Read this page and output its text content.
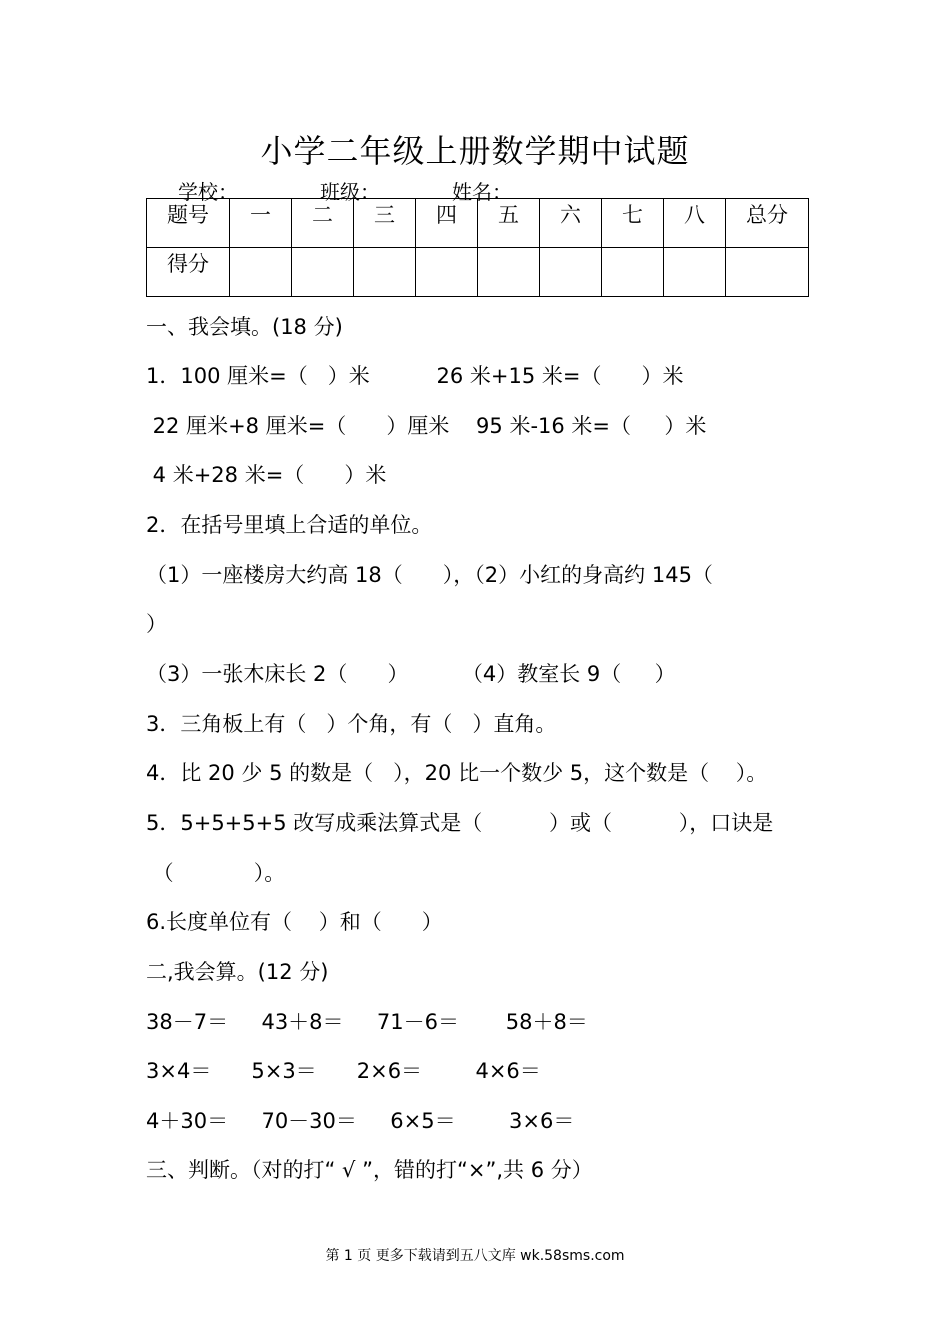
小学二年级上册数学期中试题
学校：	班级：	姓名：
题号	一	二	三	四	五	六	七	八	总分
得分									
一、我会填。(18 分)
1．100 厘米=（   ）米          26 米+15 米=（      ）米
22 厘米+8 厘米=（      ）厘米    95 米-16 米=（     ）米
4 米+28 米=（      ）米
2．在括号里填上合适的单位。
（1）一座楼房大约高 18（      ），（2）小红的身高约 145（
）
（3）一张木床长 2（      ）        （4）教室长 9（     ）
3．三角板上有（   ）个角，有（   ）直角。
4．比 20 少 5 的数是（   ），20 比一个数少 5，这个数是（    ）。
5．5+5+5+5 改写成乘法算式是（          ）或（          ），口诀是
（            ）。
6.长度单位有（    ）和（      ）
二,我会算。(12 分)
38－7＝     43＋8＝     71－6＝       58＋8＝
3×4＝      5×3＝      2×6＝        4×6＝
4＋30＝     70－30＝     6×5＝        3×6＝
三、判断。（对的打“ √ ”，错的打“×”,共 6 分）
第 1 页 更多下载请到五八文库 wk.58sms.com
